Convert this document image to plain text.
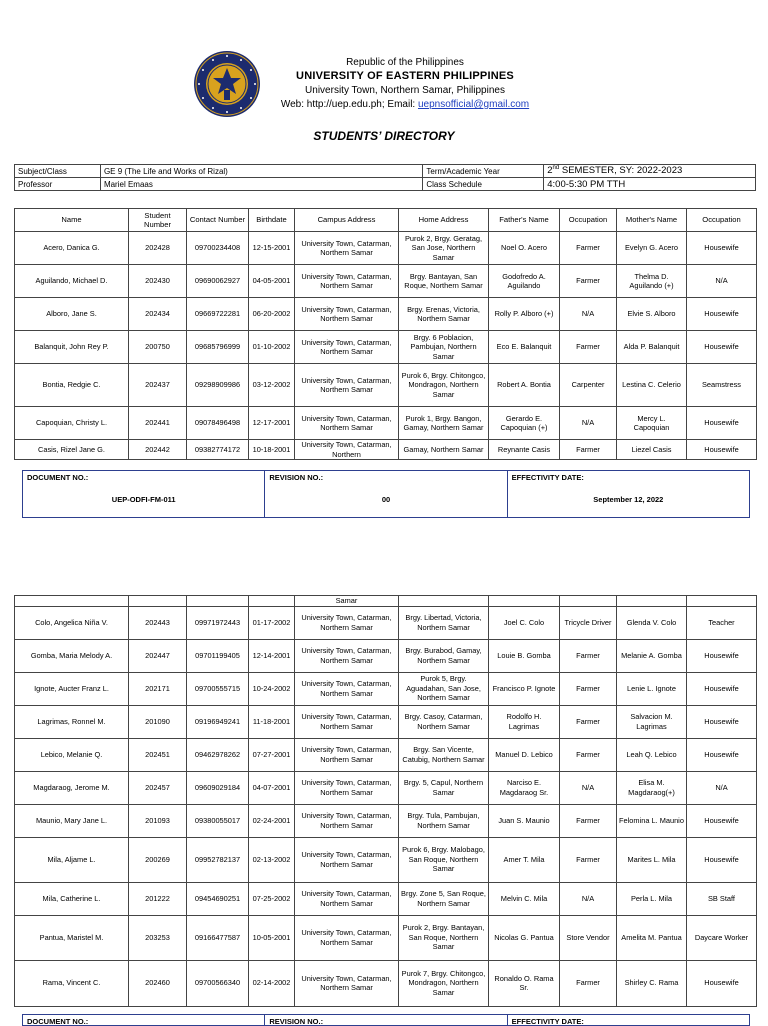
Republic of the Philippines
UNIVERSITY OF EASTERN PHILIPPINES
University Town, Northern Samar, Philippines
Web: http://uep.edu.ph; Email: uepnsofficial@gmail.com
STUDENTS’ DIRECTORY
Subject/Class	GE 9 (The Life and Works of Rizal)	Term/Academic Year	2nd SEMESTER, SY: 2022-2023
Professor	Mariel Emaas	Class Schedule	4:00-5:30 PM TTH
Name	Student Number	Contact Number	Birthdate	Campus Address	Home Address	Father's Name	Occupation	Mother's Name	Occupation
Acero, Danica G.	202428	09700234408	12-15-2001	University Town, Catarman, Northern Samar	Purok 2, Brgy. Geratag, San Jose, Northern Samar	Noel O. Acero	Farmer	Evelyn G. Acero	Housewife
Aguilando, Michael D.	202430	09690062927	04-05-2001	University Town, Catarman, Northern Samar	Brgy. Bantayan, San Roque, Northern Samar	Godofredo A. Aguilando	Farmer	Thelma D. Aguilando (+)	N/A
Alboro, Jane S.	202434	09669722281	06-20-2002	University Town, Catarman, Northern Samar	Brgy. Erenas, Victoria, Northern Samar	Rolly P. Alboro (+)	N/A	Elvie S. Alboro	Housewife
Balanquit, John Rey P.	200750	09685796999	01-10-2002	University Town, Catarman, Northern Samar	Brgy. 6 Poblacion, Pambujan, Northern Samar	Eco E. Balanquit	Farmer	Alda P. Balanquit	Housewife
Bontia, Redgie C.	202437	09298909986	03-12-2002	University Town, Catarman, Northern Samar	Purok 6, Brgy. Chitongco, Mondragon, Northern Samar	Robert A. Bontia	Carpenter	Lestina C. Celerio	Seamstress
Capoquian, Christy L.	202441	09078496498	12-17-2001	University Town, Catarman, Northern Samar	Purok 1, Brgy. Bangon, Gamay, Northern Samar	Gerardo E. Capoquian (+)	N/A	Mercy L. Capoquian	Housewife
Casis, Rizel Jane G.	202442	09382774172	10-18-2001	University Town, Catarman, Northern	Gamay, Northern Samar	Reynante Casis	Farmer	Liezel Casis	Housewife
DOCUMENT NO.:
UEP-ODFI-FM-011
REVISION NO.:
00
EFFECTIVITY DATE:
September 12, 2022
				Samar					
Colo, Angelica Niña V.	202443	09971972443	01-17-2002	University Town, Catarman, Northern Samar	Brgy. Libertad, Victoria, Northern Samar	Joel C. Colo	Tricycle Driver	Glenda V. Colo	Teacher
Gomba, Maria Melody A.	202447	09701199405	12-14-2001	University Town, Catarman, Northern Samar	Brgy. Burabod, Gamay, Northern Samar	Louie B. Gomba	Farmer	Melanie A. Gomba	Housewife
Ignote, Aucter Franz L.	202171	09700555715	10-24-2002	University Town, Catarman, Northern Samar	Purok 5, Brgy. Aguadahan, San Jose, Northern Samar	Francisco P. Ignote	Farmer	Lenie L. Ignote	Housewife
Lagrimas, Ronnel M.	201090	09196949241	11-18-2001	University Town, Catarman, Northern Samar	Brgy. Casoy, Catarman, Northern Samar	Rodolfo H. Lagrimas	Farmer	Salvacion M. Lagrimas	Housewife
Lebico, Melanie Q.	202451	09462978262	07-27-2001	University Town, Catarman, Northern Samar	Brgy. San Vicente, Catubig, Northern Samar	Manuel D. Lebico	Farmer	Leah Q. Lebico	Housewife
Magdaraog, Jerome M.	202457	09609029184	04-07-2001	University Town, Catarman, Northern Samar	Brgy. 5, Capul, Northern Samar	Narciso E. Magdaraog Sr.	N/A	Elisa M. Magdaraog(+)	N/A
Maunio, Mary Jane L.	201093	09380055017	02-24-2001	University Town, Catarman, Northern Samar	Brgy. Tula, Pambujan, Northern Samar	Juan S. Maunio	Farmer	Felomina L. Maunio	Housewife
Mila, Aljame L.	200269	09952782137	02-13-2002	University Town, Catarman, Northern Samar	Purok 6, Brgy. Malobago, San Roque, Northern Samar	Amer T. Mila	Farmer	Marites L. Mila	Housewife
Mila, Catherine L.	201222	09454690251	07-25-2002	University Town, Catarman, Northern Samar	Brgy. Zone 5, San Roque, Northern Samar	Melvin C. Mila	N/A	Perla L. Mila	SB Staff
Pantua, Maristel M.	203253	09166477587	10-05-2001	University Town, Catarman, Northern Samar	Purok 2, Brgy. Bantayan, San Roque, Northern Samar	Nicolas G. Pantua	Store Vendor	Amelita M. Pantua	Daycare Worker
Rama, Vincent C.	202460	09700566340	02-14-2002	University Town, Catarman, Northern Samar	Purok 7, Brgy. Chitongco, Mondragon, Northern Samar	Ronaldo O. Rama Sr.	Farmer	Shirley C. Rama	Housewife
DOCUMENT NO.:	REVISION NO.:	EFFECTIVITY DATE:
